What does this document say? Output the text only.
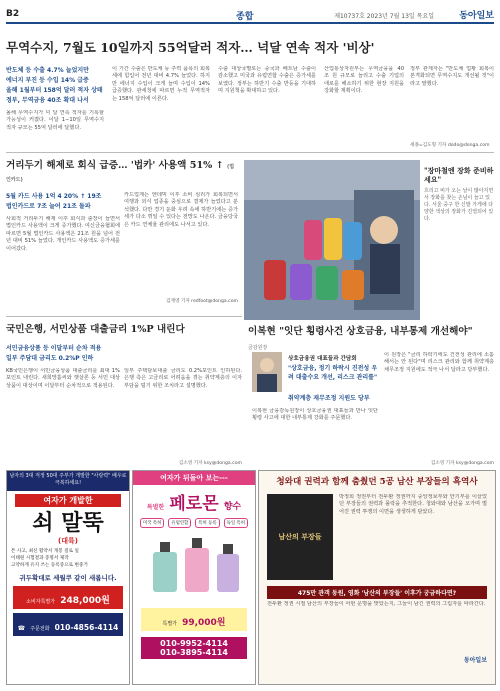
B2	종합	제10737호 2023년 7월 13일 목요일	동아일보
무역수지, 7월도 10일까지 55억달러 적자… 넉달 연속 적자 '비상'
반도체 등 수출 4.7% 늘었지만
에너지 부진 등 수입 14% 급증
올해 1월부터 158억 달러 적자 상태
정부, 무역금융 40조 확대 나서
올해 무역수지가 넉 달 연속 적자를 기록할 가능성이 커졌다. 이달 1∼10일 무역수지 적자 규모는 55억 달러에 달했다.
이 기간 수출은 반도체 등 주력 품목의 회복세에 힘입어 전년 대비 4.7% 늘었다. 하지만 에너지 수입이 크게 늘며 수입이 14% 급증했다. 관세청에 따르면 누적 무역적자는 158억 달러에 이른다.
수출 대상국별로는 중국과 베트남 수출이 감소했고 미국과 유럽연합 수출은 증가세를 보였다. 정부는 하반기 수출 반등을 기대하며 지원책을 확대하고 있다.
산업통상자원부는 무역금융을 40조 원 규모로 늘리고 수출 기업의 애로를 해소하기 위한 현장 지원을 강화할 계획이다.
정부 관계자는 "반도체 업황 회복이 본격화되면 무역수지도 개선될 것"이라고 말했다.
세종=김도형 기자 dodo@donga.com
거리두기 해제로 회식 급증… '법카' 사용액 51% ↑ (법인카드)
5월 카드 사용 1억 4 20% ↑ 19조
법인카드로 7조 늘어 21조 돌파
사회적 거리두기 해제 이후 회식과 출장이 늘면서 법인카드 사용액이 크게 증가했다. 여신금융협회에 따르면 5월 법인카드 사용액은 21조 원을 넘어 전년 대비 51% 늘었다. 개인카드 사용액도 증가세를 이어갔다.
카드업계는 엔데믹 이후 소비 심리가 회복되면서 여행과 외식 업종을 중심으로 결제가 늘었다고 분석했다. 다만 경기 둔화 우려 속에 하반기에는 증가세가 다소 꺾일 수 있다는 전망도 나온다. 금융당국은 카드 연체율 관리에도 나서고 있다.
김재영 기자 redfoot@donga.com
"장마철엔 장화 준비하세요"
흐리고 비가 오는 날이 많아지면서 장화를 찾는 손님이 늘고 있다. 서울 중구 한 신발 가게에 다양한 색상의 장화가 진열되어 있다.
국민은행, 서민상품 대출금리 1%P 내린다
서민금융상품 등 이달부터 순차 적용
일부 주담대 금리도 0.2%P 인하
KB국민은행이 서민금융상품 대출금리를 최대 1%포인트 내린다. 새희망홀씨와 햇살론 등 서민 대상 상품이 대상이며 이달부터 순차적으로 적용된다.
일부 주택담보대출 금리도 0.2%포인트 인하된다. 은행 측은 고금리로 어려움을 겪는 취약계층의 이자 부담을 덜기 위한 조치라고 설명했다.
김소영 기자 ksy@donga.com
이복현 "잇단 횡령사건 상호금융, 내부통제 개선해야"
금감원장
상호금융권 대표들과 간담회
"상호금융, 정기 하락시 진전성 우려 대출수요 개선, 리스크 관리를"
취약계층 재무조정 지원도 당부
이복현 금융감독원장이 상호금융권 대표들과 만나 잇단 횡령 사고에 대한 내부통제 강화를 주문했다.
이 원장은 "금리 하락기에도 건전성 관리에 소홀해서는 안 된다"며 리스크 관리와 함께 취약계층 채무조정 지원에도 적극 나서 달라고 당부했다.
김소영 기자 ksy@donga.com
남자의 3대 걱정 50대 주부가 개발한 "사랑력" 배우로 극복하세요!
여자가 개발한
쇠 말뚝
(대륙)
튼 사고, 최신 활약서 개봉 질로 일
이태원 시험결과 증명서 제작
고약하게 유지 쓰는 등록증으로 변중거
귀두확대로 세월쿠 같이 새롭니다.
소비자특별가 248,000원
☎ 주문전화 010-4856-4114
여자가 뒤돌아 보는---
특별한 페로몬 향수
미국 특허	유럽연합	특허 등록	독일 특허
특별가 99,000원
010-9952-4114
010-3895-4114
청와대 권력과 함께 춤췄던 5공 남산 부장들의 흑역사
남산의 부장들
박정희 정권부터 전두환 정권까지 중앙정보부와 안기부를 이끌었던 부장들의 권력과 몰락을 추적한다. 청와대와 남산을 오가며 벌어진 권력 투쟁의 이면을 생생하게 담았다.
475만 관객 동원, 영화 '남산의 부장들' 이후가 궁금하다면?
전두환 정권 시절 남산의 부장들이 어떤 운명을 맞았는지, 그들이 남긴 권력의 그림자를 따라간다.
동아일보
